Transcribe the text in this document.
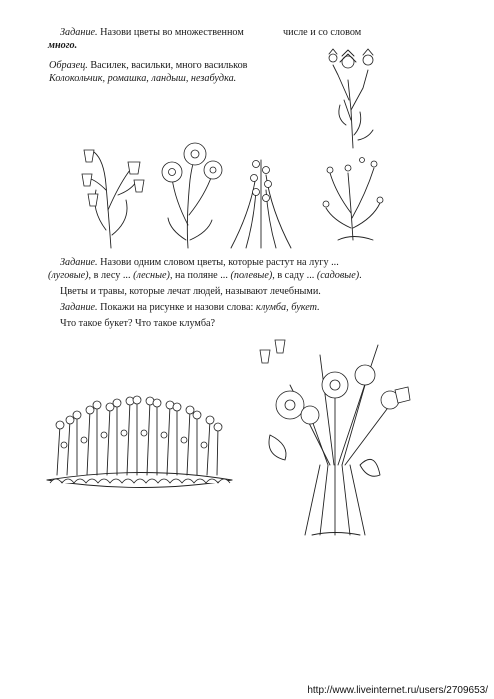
Задание. Назови цветы во множественном	числе и со словом
много.
Образец. Василек, васильки, много васильков
Колокольчик, ромашка, ландыш, незабудка.
Задание. Назови одним словом цветы, которые растут на лугу ...
(луговые), в лесу ... (лесные), на поляне ... (полевые), в саду ... (садовые).
Цветы и травы, которые лечат людей, называют лечебными.
Задание. Покажи на рисунке и назови слова: клумба, букет.
Что такое букет? Что такое клумба?
http://www.liveinternet.ru/users/2709653/
